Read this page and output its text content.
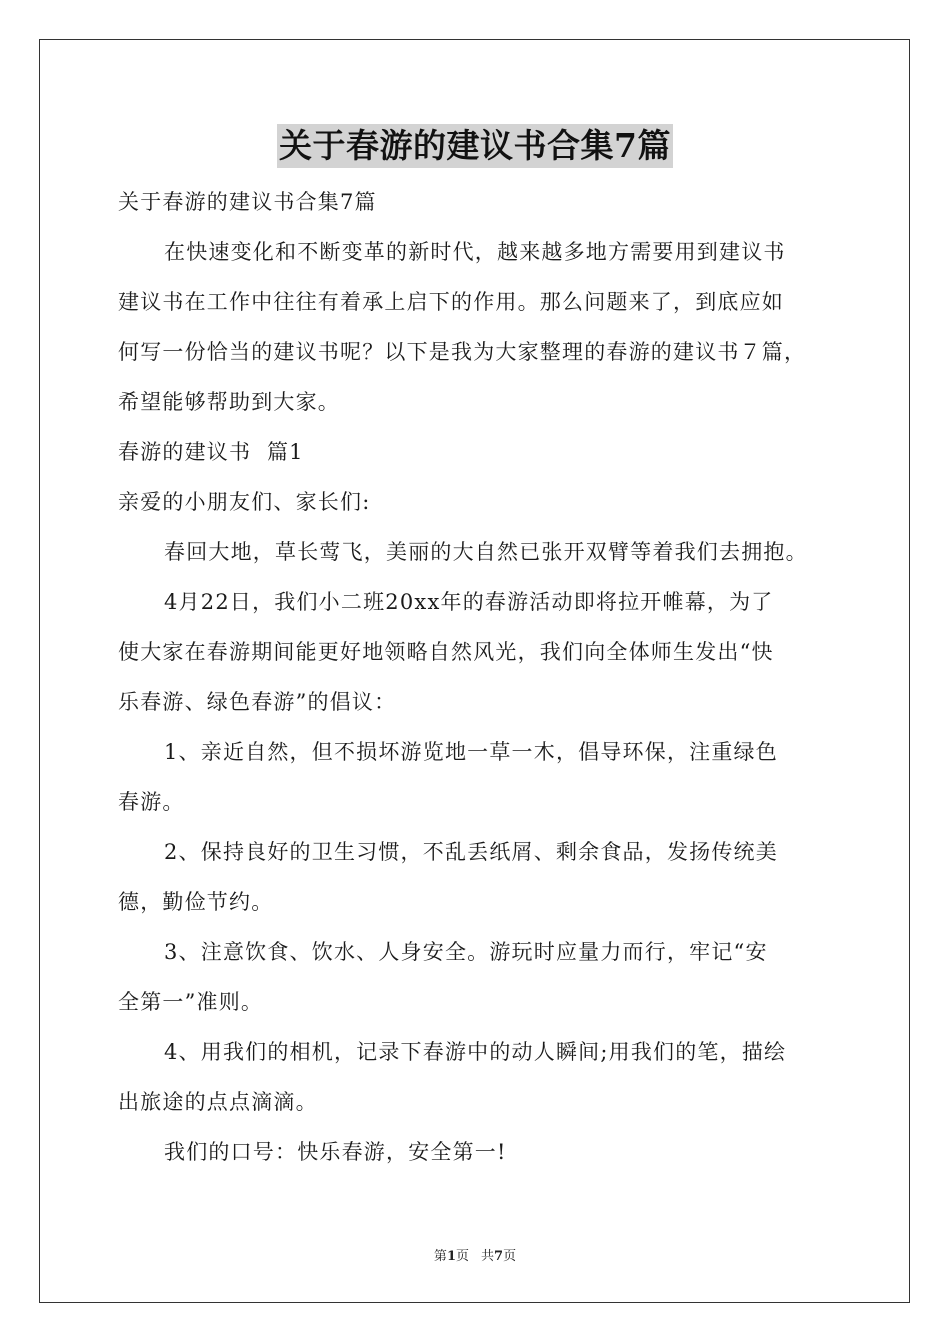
关于春游的建议书合集7篇

关于春游的建议书合集7篇

在快速变化和不断变革的新时代，越来越多地方需要用到建议书

建议书在工作中往往有着承上启下的作用。那么问题来了，到底应如

何写一份恰当的建议书呢？以下是我为大家整理的春游的建议书７篇，

希望能够帮助到大家。

春游的建议书  篇1

亲爱的小朋友们、家长们:

春回大地，草长莺飞，美丽的大自然已张开双臂等着我们去拥抱。

4月22日，我们小二班20xx年的春游活动即将拉开帷幕，为了

使大家在春游期间能更好地领略自然风光，我们向全体师生发出“快

乐春游、绿色春游”的倡议：

1、亲近自然，但不损坏游览地一草一木，倡导环保，注重绿色

春游。

2、保持良好的卫生习惯，不乱丢纸屑、剩余食品，发扬传统美

德，勤俭节约。

3、注意饮食、饮水、人身安全。游玩时应量力而行，牢记“安

全第一”准则。

4、用我们的相机，记录下春游中的动人瞬间;用我们的笔，描绘

出旅途的点点滴滴。

我们的口号：快乐春游，安全第一!

第1页 共7页
